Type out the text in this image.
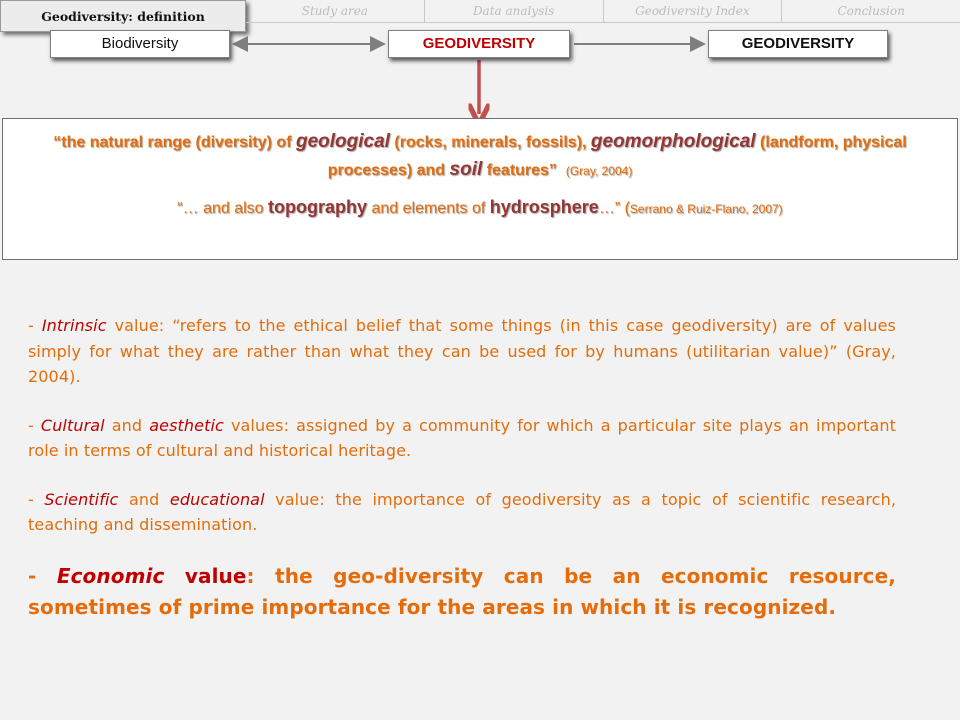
Geodiversity: definition	Study area	Data analysis	Geodiversity Index	Conclusion
Biodiversity	GEODIVERSITY	GEODIVERSITY
“the natural range (diversity) of geological (rocks, minerals, fossils), geomorphological (landform, physical processes) and soil features” (Gray, 2004)
“… and also topography and elements of hydrosphere…” (Serrano & Ruiz-Flano, 2007)

- Intrinsic value: “refers to the ethical belief that some things (in this case geodiversity) are of values simply for what they are rather than what they can be used for by humans (utilitarian value)” (Gray, 2004).

- Cultural and aesthetic values: assigned by a community for which a particular site plays an important role in terms of cultural and historical heritage.

- Scientific and educational value: the importance of geodiversity as a topic of scientific research, teaching and dissemination.

- Economic value: the geo-diversity can be an economic resource, sometimes of prime importance for the areas in which it is recognized.
